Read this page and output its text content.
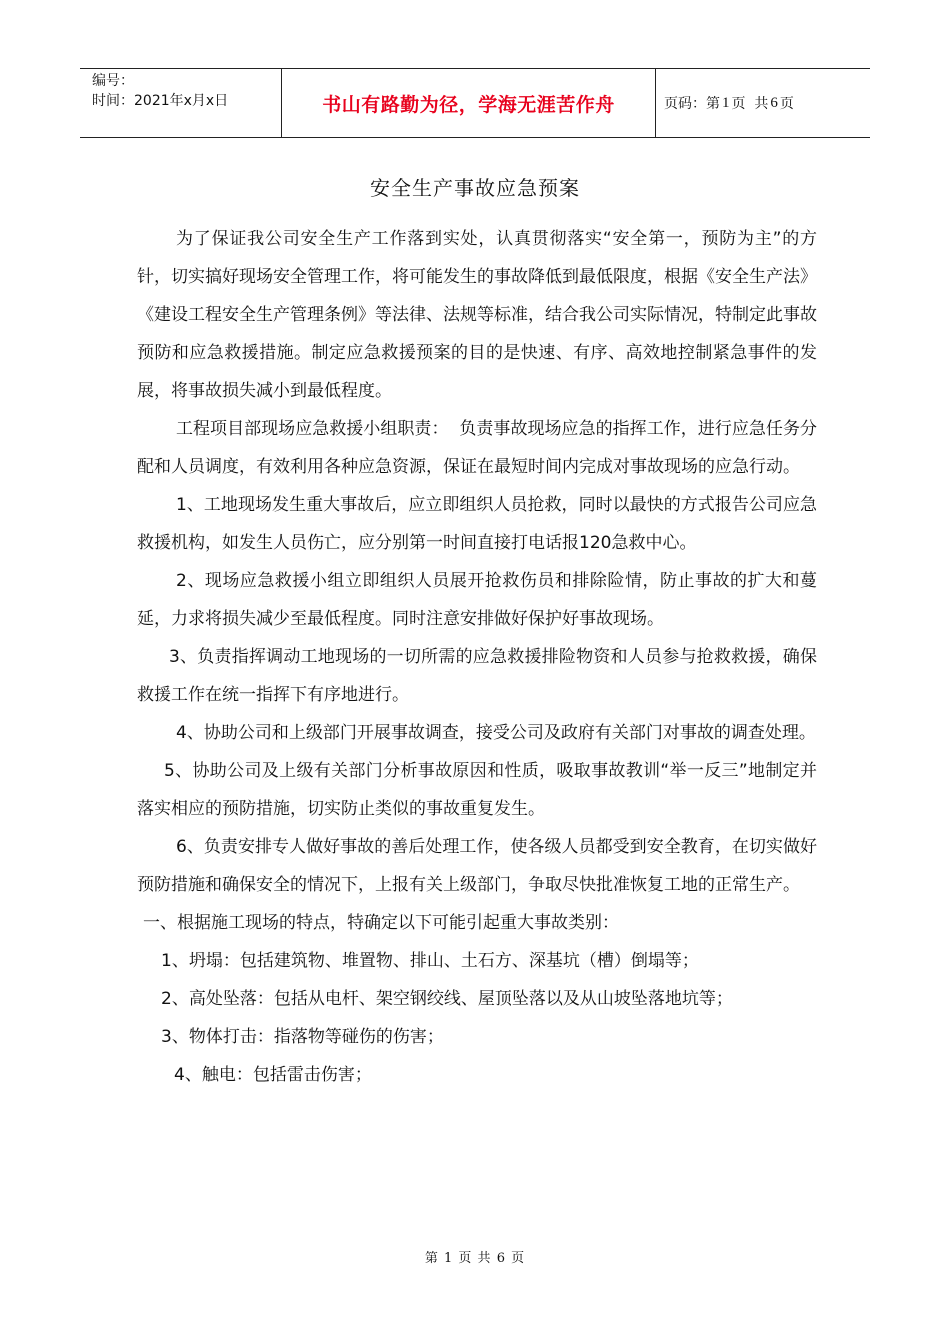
编号：
时间：2021年x月x日	书山有路勤为径，学海无涯苦作舟	页码：第 1 页  共 6 页
安全生产事故应急预案

为了保证我公司安全生产工作落到实处，认真贯彻落实“安全第一，预防为主”的方针，切实搞好现场安全管理工作，将可能发生的事故降低到最低限度，根据《安全生产法》《建设工程安全生产管理条例》等法律、法规等标准，结合我公司实际情况，特制定此事故预防和应急救援措施。制定应急救援预案的目的是快速、有序、高效地控制紧急事件的发展，将事故损失减小到最低程度。

工程项目部现场应急救援小组职责：  负责事故现场应急的指挥工作，进行应急任务分配和人员调度，有效利用各种应急资源，保证在最短时间内完成对事故现场的应急行动。

1、工地现场发生重大事故后，应立即组织人员抢救，同时以最快的方式报告公司应急救援机构，如发生人员伤亡，应分别第一时间直接打电话报120急救中心。

2、现场应急救援小组立即组织人员展开抢救伤员和排除险情，防止事故的扩大和蔓延，力求将损失减少至最低程度。同时注意安排做好保护好事故现场。

3、负责指挥调动工地现场的一切所需的应急救援排险物资和人员参与抢救救援，确保救援工作在统一指挥下有序地进行。

4、协助公司和上级部门开展事故调查，接受公司及政府有关部门对事故的调查处理。

5、协助公司及上级有关部门分析事故原因和性质，吸取事故教训“举一反三”地制定并落实相应的预防措施，切实防止类似的事故重复发生。

6、负责安排专人做好事故的善后处理工作，使各级人员都受到安全教育，在切实做好预防措施和确保安全的情况下，上报有关上级部门，争取尽快批准恢复工地的正常生产。

一、根据施工现场的特点，特确定以下可能引起重大事故类别：

1、坍塌：包括建筑物、堆置物、排山、土石方、深基坑（槽）倒塌等；

2、高处坠落：包括从电杆、架空钢绞线、屋顶坠落以及从山坡坠落地坑等；

3、物体打击：指落物等碰伤的伤害；

4、触电：包括雷击伤害；

第 1 页 共 6 页
